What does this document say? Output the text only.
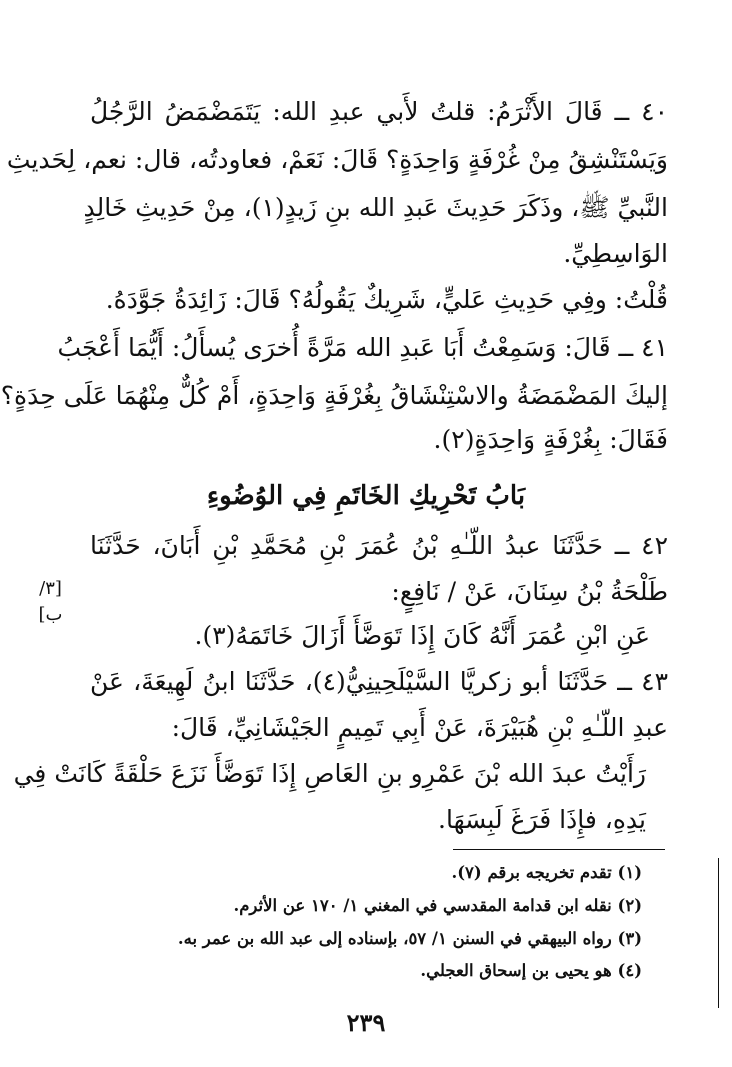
٤٠ ــ قَالَ الأَثْرَمُ: قلتُ لأَبي عبدِ الله: يَتَمَضْمَضُ الرَّجُلُ
وَيَسْتَنْشِقُ مِنْ غُرْفَةٍ وَاحِدَةٍ؟ قَالَ: نَعَمْ، فعاودتُه، قال: نعم، لِحَديثِ
النَّبيِّ ﷺ، وذَكَرَ حَدِيثَ عَبدِ الله بنِ زَيدٍ(١)، مِنْ حَدِيثِ خَالِدٍ
الوَاسِطِيِّ.
قُلْتُ: وفِي حَدِيثِ عَليٍّ، شَرِيكٌ يَقُولُهُ؟ قَالَ: زَائِدَةُ جَوَّدَهُ.
٤١ ــ قَالَ: وَسَمِعْتُ أَبَا عَبدِ الله مَرَّةً أُخرَى يُسأَلُ: أَيُّمَا أَعْجَبُ
إليكَ المَضْمَضَةُ والاسْتِنْشَاقُ بِغُرْفَةٍ وَاحِدَةٍ، أَمْ كُلٌّ مِنْهُمَا عَلَى حِدَةٍ؟
فَقَالَ: بِغُرْفَةٍ وَاحِدَةٍ(٢).
بَابُ تَحْرِيكِ الخَاتَمِ فِي الوُضُوءِ
٤٢ ــ حَدَّثَنَا عبدُ اللّـٰهِ بْنُ عُمَرَ بْنِ مُحَمَّدِ بْنِ أَبَانَ، حَدَّثَنَا
طَلْحَةُ بْنُ سِنَانَ، عَنْ / نَافِعٍ:
[٣/ب]
عَنِ ابْنِ عُمَرَ أَنَّهُ كَانَ إِذَا تَوَضَّأَ أَزَالَ خَاتَمَهُ(٣).
٤٣ ــ حَدَّثَنَا أبو زكريَّا السَّيْلَحِينِيُّ(٤)، حَدَّثَنَا ابنُ لَهِيعَةَ، عَنْ
عبدِ اللّـٰهِ بْنِ هُبَيْرَةَ، عَنْ أَبِي تَمِيمٍ الجَيْشَانِيِّ، قَالَ:
رَأَيْتُ عبدَ الله بْنَ عَمْرِو بنِ العَاصِ إِذَا تَوَضَّأَ نَزَعَ حَلْقَةً كَانَتْ فِي
يَدِهِ، فإِذَا فَرَغَ لَبِسَهَا.
(١) تقدم تخريجه برقم (٧).
(٢) نقله ابن قدامة المقدسي في المغني ١/ ١٧٠ عن الأثرم.
(٣) رواه البيهقي في السنن ١/ ٥٧، بإسناده إلى عبد الله بن عمر به.
(٤) هو يحيى بن إسحاق العجلي.
٢٣٩
